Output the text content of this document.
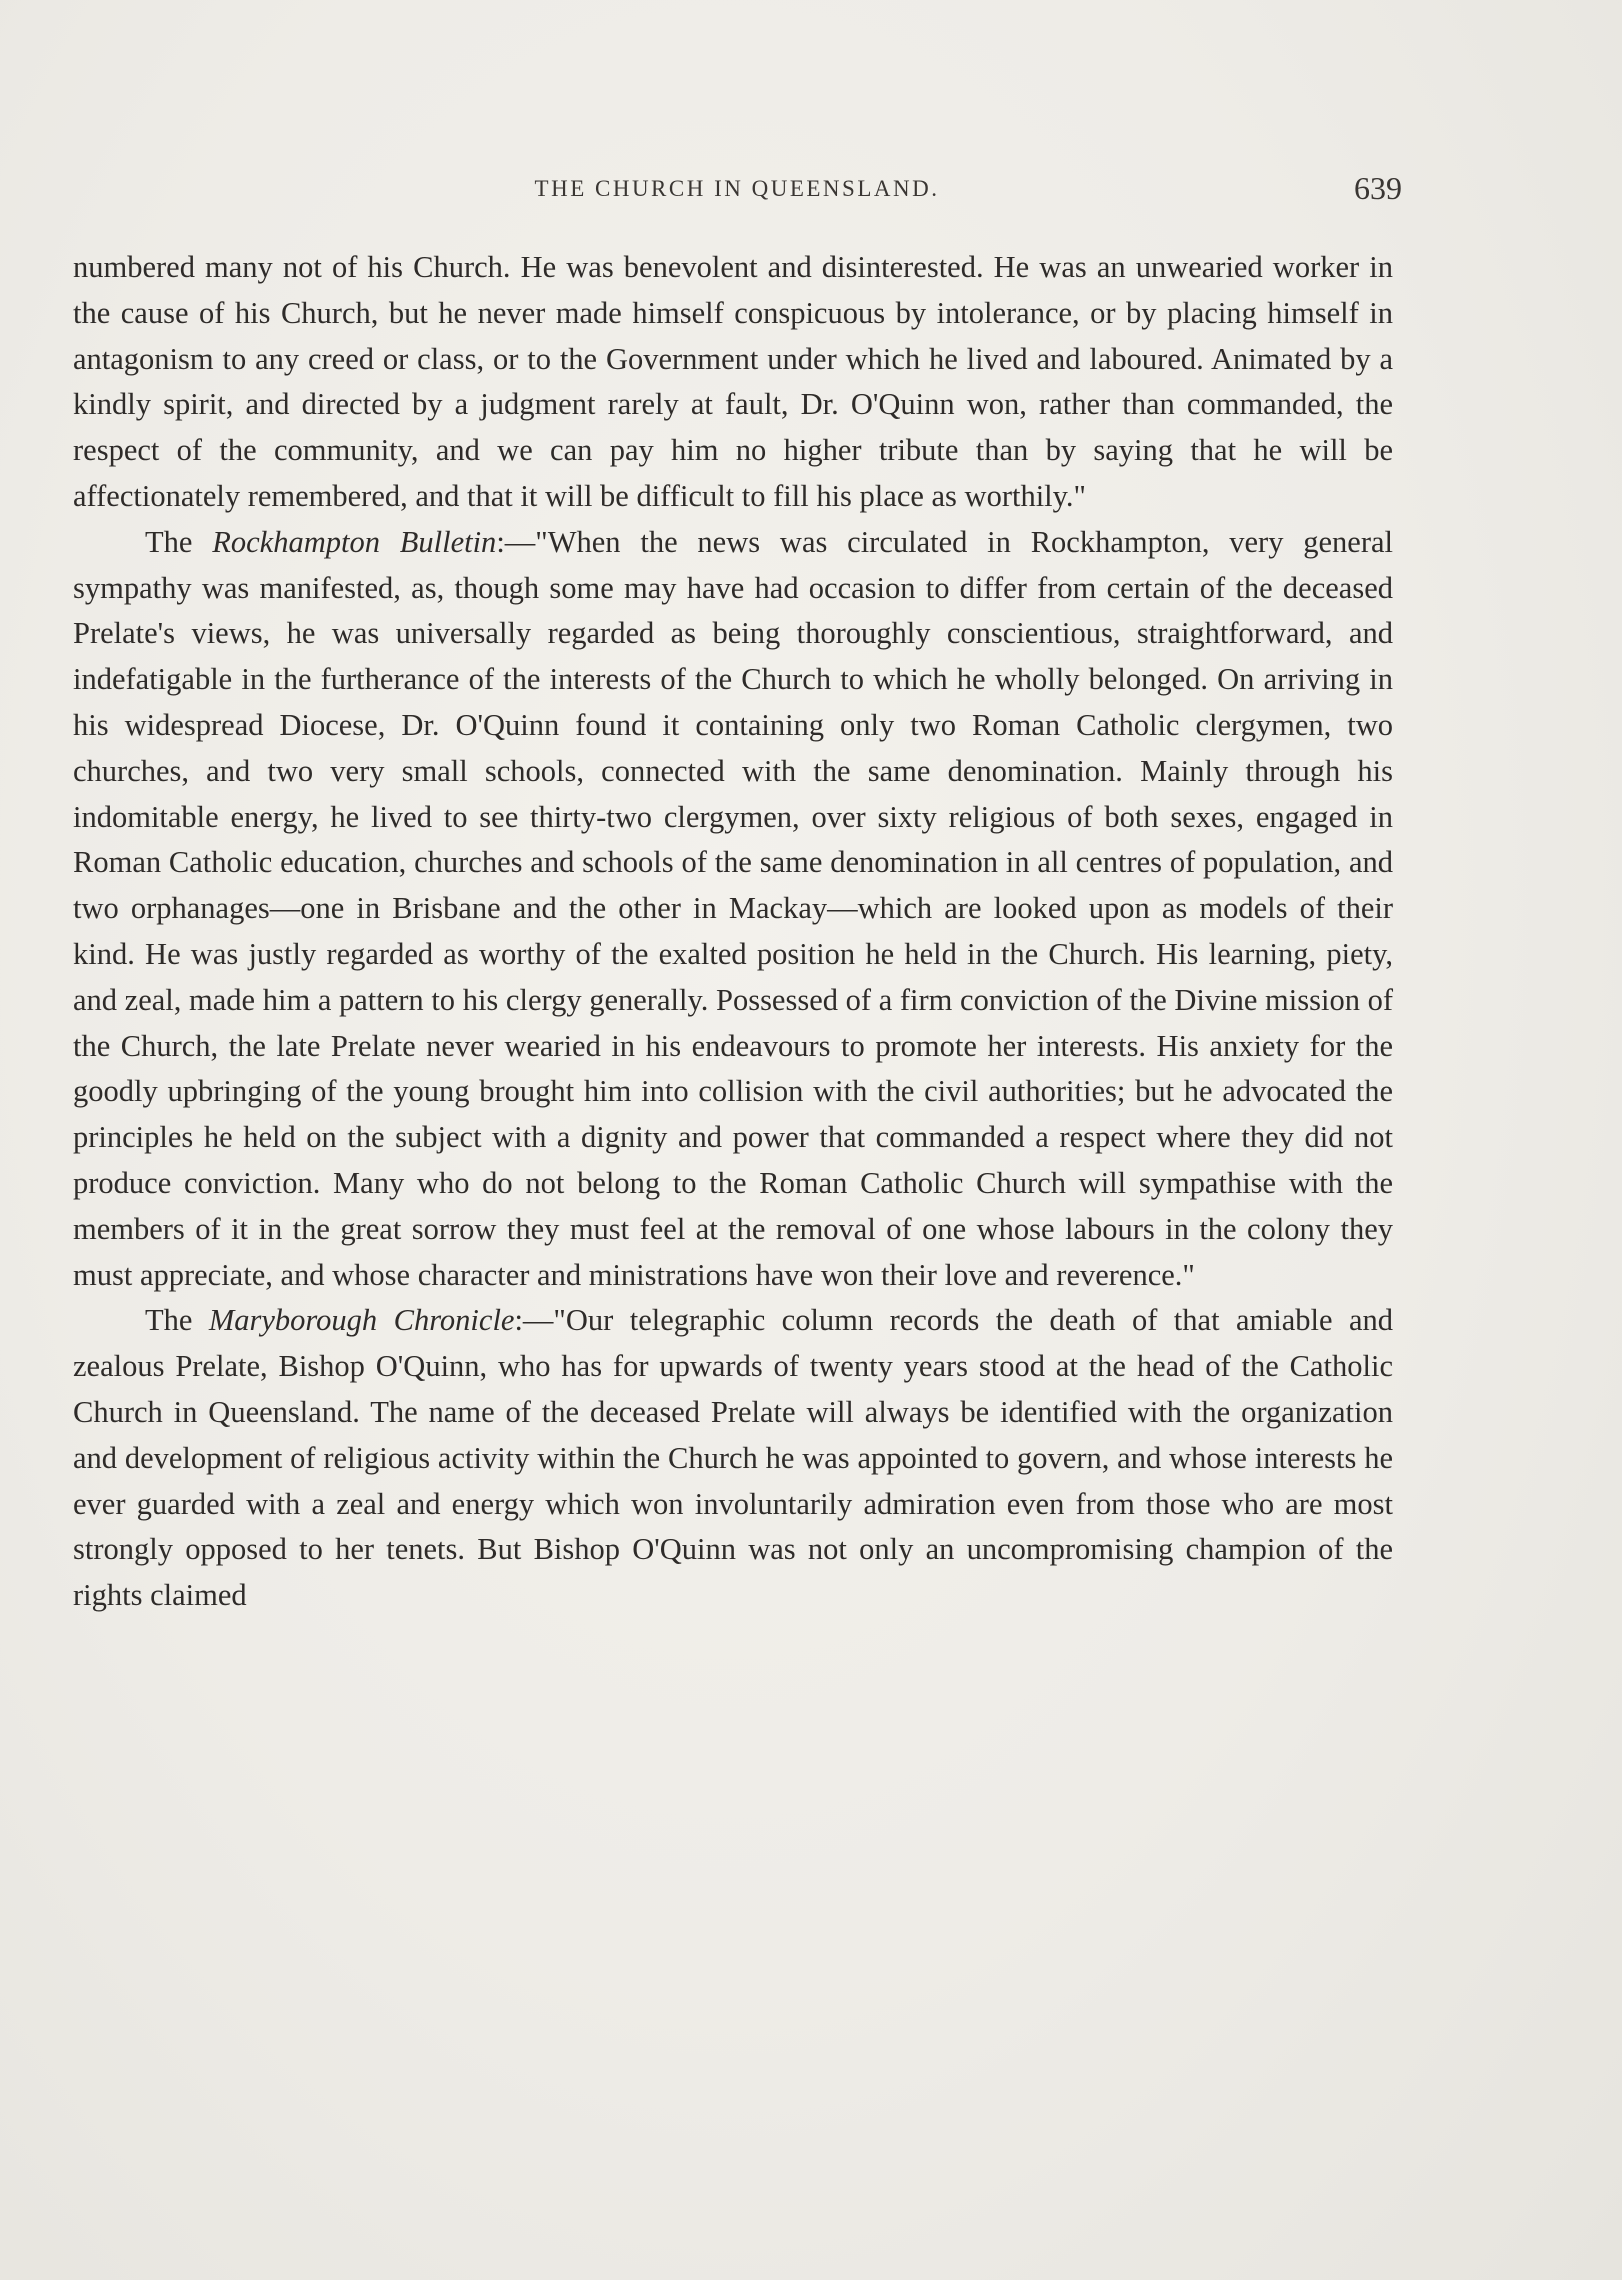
THE CHURCH IN QUEENSLAND.	639

numbered many not of his Church. He was benevolent and disinterested. He was an unwearied worker in the cause of his Church, but he never made himself conspicuous by intolerance, or by placing himself in antagonism to any creed or class, or to the Government under which he lived and laboured. Animated by a kindly spirit, and directed by a judgment rarely at fault, Dr. O'Quinn won, rather than commanded, the respect of the community, and we can pay him no higher tribute than by saying that he will be affectionately remembered, and that it will be difficult to fill his place as worthily."

The Rockhampton Bulletin:—"When the news was circulated in Rockhampton, very general sympathy was manifested, as, though some may have had occasion to differ from certain of the deceased Prelate's views, he was universally regarded as being thoroughly conscientious, straightforward, and indefatigable in the furtherance of the interests of the Church to which he wholly belonged. On arriving in his widespread Diocese, Dr. O'Quinn found it containing only two Roman Catholic clergymen, two churches, and two very small schools, connected with the same denomination. Mainly through his indomitable energy, he lived to see thirty-two clergymen, over sixty religious of both sexes, engaged in Roman Catholic education, churches and schools of the same denomination in all centres of population, and two orphanages—one in Brisbane and the other in Mackay—which are looked upon as models of their kind. He was justly regarded as worthy of the exalted position he held in the Church. His learning, piety, and zeal, made him a pattern to his clergy generally. Possessed of a firm conviction of the Divine mission of the Church, the late Prelate never wearied in his endeavours to promote her interests. His anxiety for the goodly upbringing of the young brought him into collision with the civil authorities; but he advocated the principles he held on the subject with a dignity and power that commanded a respect where they did not produce conviction. Many who do not belong to the Roman Catholic Church will sympathise with the members of it in the great sorrow they must feel at the removal of one whose labours in the colony they must appreciate, and whose character and ministrations have won their love and reverence."

The Maryborough Chronicle:—"Our telegraphic column records the death of that amiable and zealous Prelate, Bishop O'Quinn, who has for upwards of twenty years stood at the head of the Catholic Church in Queensland. The name of the deceased Prelate will always be identified with the organization and development of religious activity within the Church he was appointed to govern, and whose interests he ever guarded with a zeal and energy which won involuntarily admiration even from those who are most strongly opposed to her tenets. But Bishop O'Quinn was not only an uncompromising champion of the rights claimed
